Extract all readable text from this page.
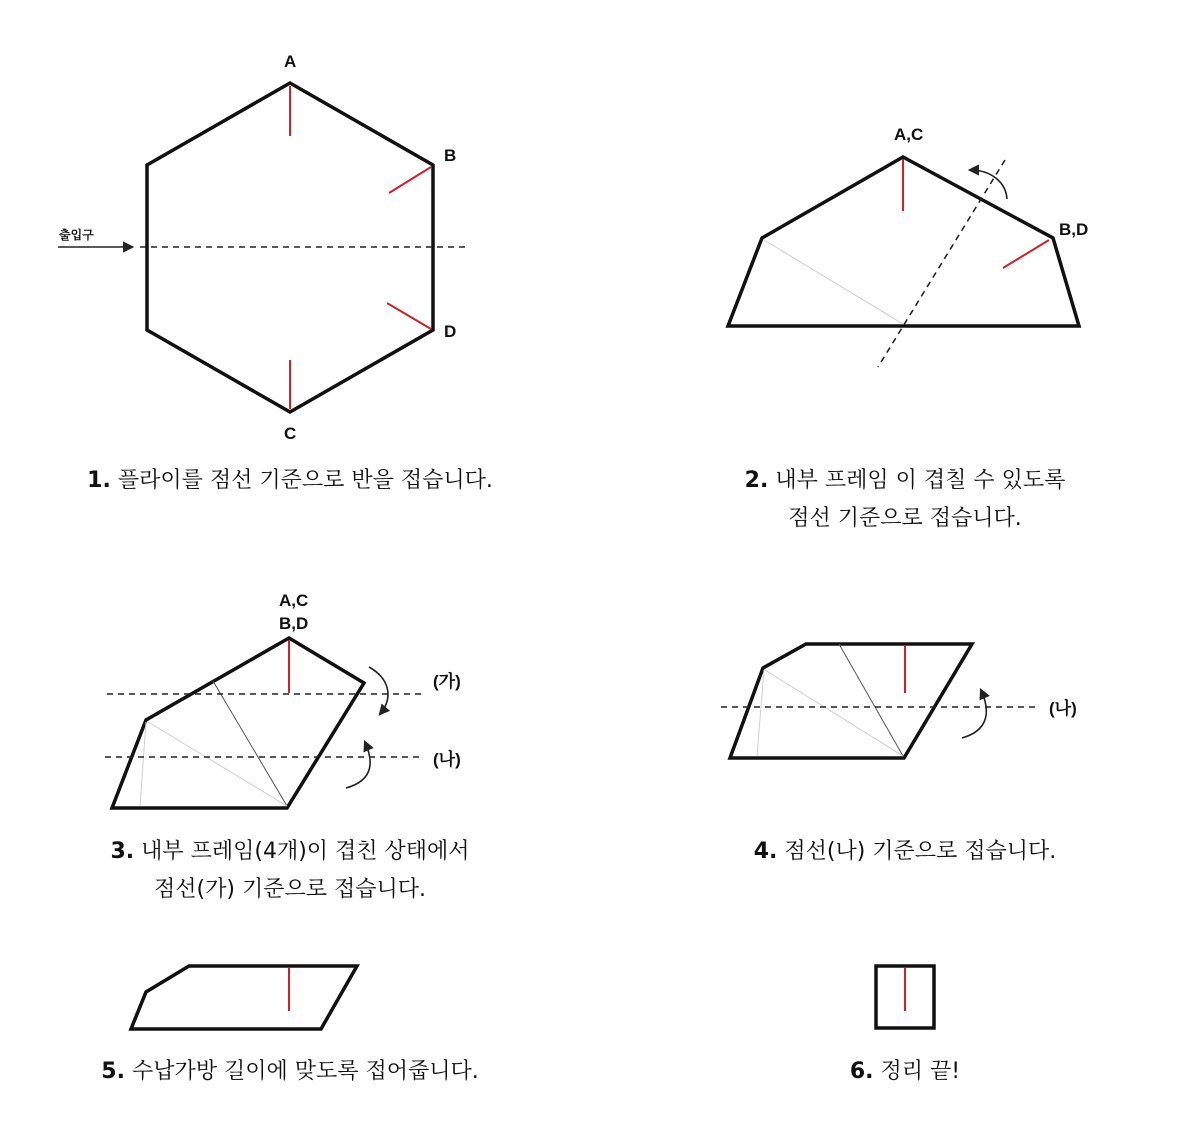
A
B
D
C
출입구
A,C
B,D
A,C
B,D
(가)
(나)
(나)
1. 플라이를 점선 기준으로 반을 접습니다.	2. 내부 프레임 이 겹칠 수 있도록
점선 기준으로 접습니다.
3. 내부 프레임(4개)이 겹친 상태에서
점선(가) 기준으로 접습니다.
4. 점선(나) 기준으로 접습니다.
5. 수납가방 길이에 맞도록 접어줍니다.	6. 정리 끝!
